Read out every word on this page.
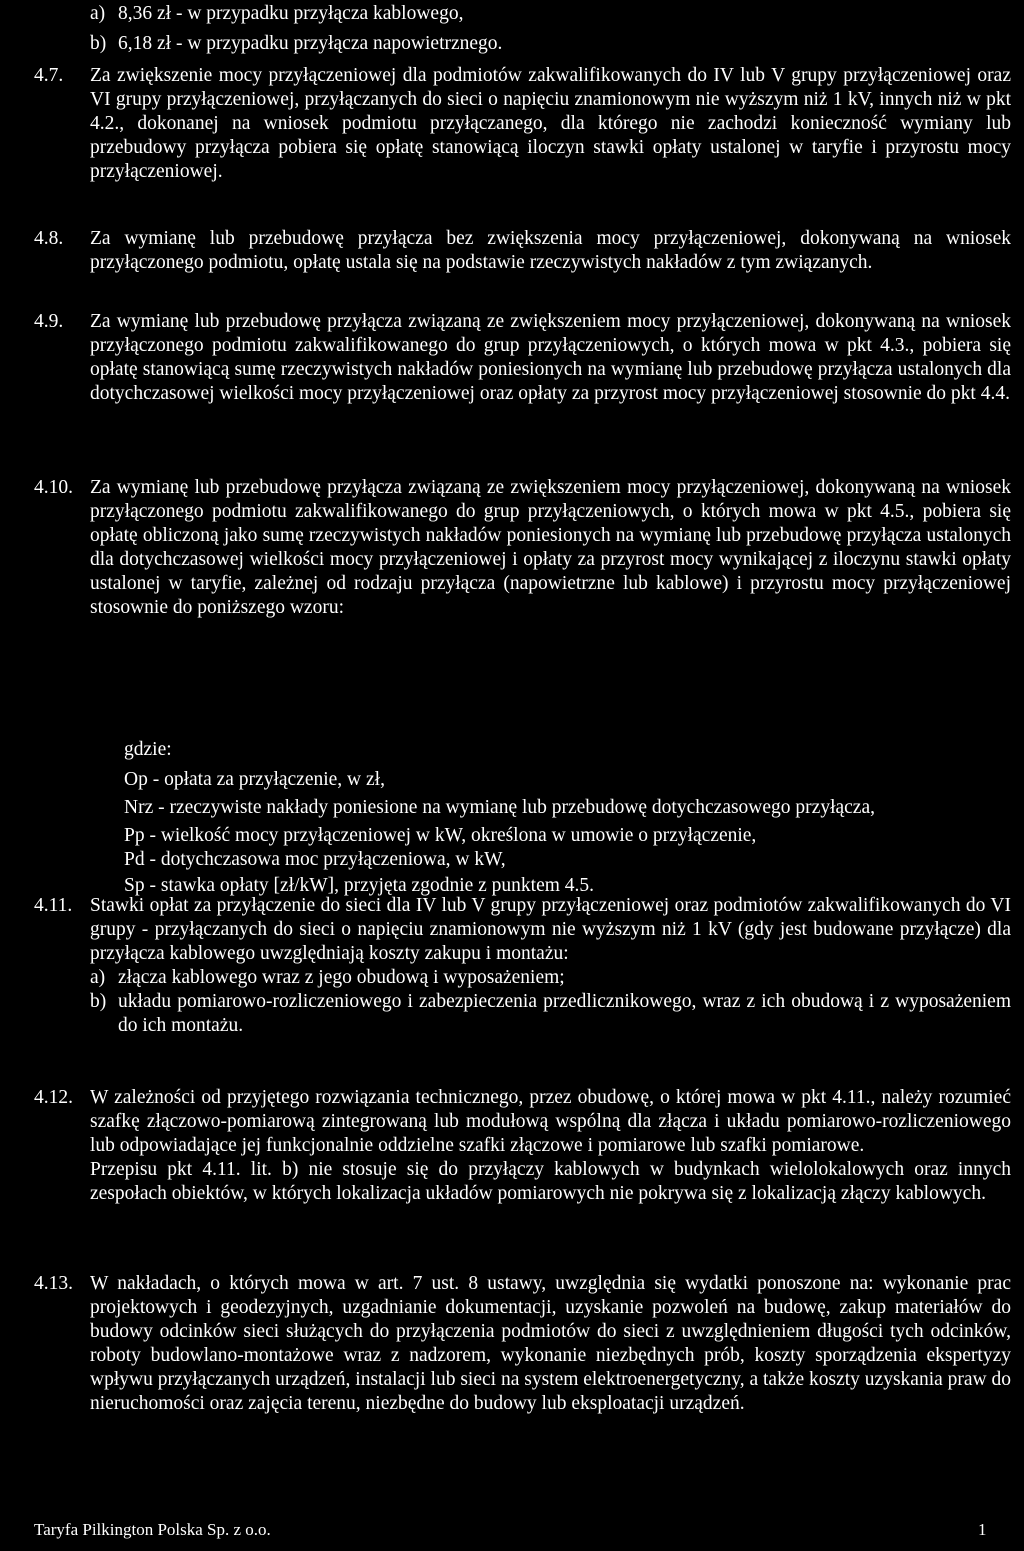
a) 8,36 zł - w przypadku przyłącza kablowego,
b) 6,18 zł - w przypadku przyłącza napowietrznego.
4.7.	Za zwiększenie mocy przyłączeniowej dla podmiotów zakwalifikowanych do IV lub V grupy przyłączeniowej oraz VI grupy przyłączeniowej, przyłączanych do sieci o napięciu znamionowym nie wyższym niż 1 kV, innych niż w pkt 4.2., dokonanej na wniosek podmiotu przyłączanego, dla którego nie zachodzi konieczność wymiany lub przebudowy przyłącza pobiera się opłatę stanowiącą iloczyn stawki opłaty ustalonej w taryfie i przyrostu mocy przyłączeniowej.
4.8.	Za wymianę lub przebudowę przyłącza bez zwiększenia mocy przyłączeniowej, dokonywaną na wniosek przyłączonego podmiotu, opłatę ustala się na podstawie rzeczywistych nakładów z tym związanych.
4.9.	Za wymianę lub przebudowę przyłącza związaną ze zwiększeniem mocy przyłączeniowej, dokonywaną na wniosek przyłączonego podmiotu zakwalifikowanego do grup przyłączeniowych, o których mowa w pkt 4.3., pobiera się opłatę stanowiącą sumę rzeczywistych nakładów poniesionych na wymianę lub przebudowę przyłącza ustalonych dla dotychczasowej wielkości mocy przyłączeniowej oraz opłaty za przyrost mocy przyłączeniowej stosownie do pkt 4.4.
4.10. Za wymianę lub przebudowę przyłącza związaną ze zwiększeniem mocy przyłączeniowej, dokonywaną na wniosek przyłączonego podmiotu zakwalifikowanego do grup przyłączeniowych, o których mowa w pkt 4.5., pobiera się opłatę obliczoną jako sumę rzeczywistych nakładów poniesionych na wymianę lub przebudowę przyłącza ustalonych dla dotychczasowej wielkości mocy przyłączeniowej i opłaty za przyrost mocy wynikającej z iloczynu stawki opłaty ustalonej w taryfie, zależnej od rodzaju przyłącza (napowietrzne lub kablowe) i przyrostu mocy przyłączeniowej stosownie do poniższego wzoru:
gdzie:
Op - opłata za przyłączenie, w zł,
Nrz - rzeczywiste nakłady poniesione na wymianę lub przebudowę dotychczasowego przyłącza,
Pp - wielkość mocy przyłączeniowej w kW, określona w umowie o przyłączenie,
Pd - dotychczasowa moc przyłączeniowa, w kW,
Sp - stawka opłaty [zł/kW], przyjęta zgodnie z punktem 4.5.
4.11. Stawki opłat za przyłączenie do sieci dla IV lub V grupy przyłączeniowej oraz podmiotów zakwalifikowanych do VI grupy - przyłączanych do sieci o napięciu znamionowym nie wyższym niż 1 kV (gdy jest budowane przyłącze) dla przyłącza kablowego uwzględniają koszty zakupu i montażu:
a) złącza kablowego wraz z jego obudową i wyposażeniem;
b) układu pomiarowo-rozliczeniowego i zabezpieczenia przedlicznikowego, wraz z ich obudową i z wyposażeniem do ich montażu.
4.12. W zależności od przyjętego rozwiązania technicznego, przez obudowę, o której mowa w pkt 4.11., należy rozumieć szafkę złączowo-pomiarową zintegrowaną lub modułową wspólną dla złącza i układu pomiarowo-rozliczeniowego lub odpowiadające jej funkcjonalnie oddzielne szafki złączowe i pomiarowe lub szafki pomiarowe.
Przepisu pkt 4.11. lit. b) nie stosuje się do przyłączy kablowych w budynkach wielolokalowych oraz innych zespołach obiektów, w których lokalizacja układów pomiarowych nie pokrywa się z lokalizacją złączy kablowych.
4.13. W nakładach, o których mowa w art. 7 ust. 8 ustawy, uwzględnia się wydatki ponoszone na: wykonanie prac projektowych i geodezyjnych, uzgadnianie dokumentacji, uzyskanie pozwoleń na budowę, zakup materiałów do budowy odcinków sieci służących do przyłączenia podmiotów do sieci z uwzględnieniem długości tych odcinków, roboty budowlano-montażowe wraz z nadzorem, wykonanie niezbędnych prób, koszty sporządzenia ekspertyzy wpływu przyłączanych urządzeń, instalacji lub sieci na system elektroenergetyczny, a także koszty uzyskania praw do nieruchomości oraz zajęcia terenu, niezbędne do budowy lub eksploatacji urządzeń.
Taryfa Pilkington Polska Sp. z o.o.	1
